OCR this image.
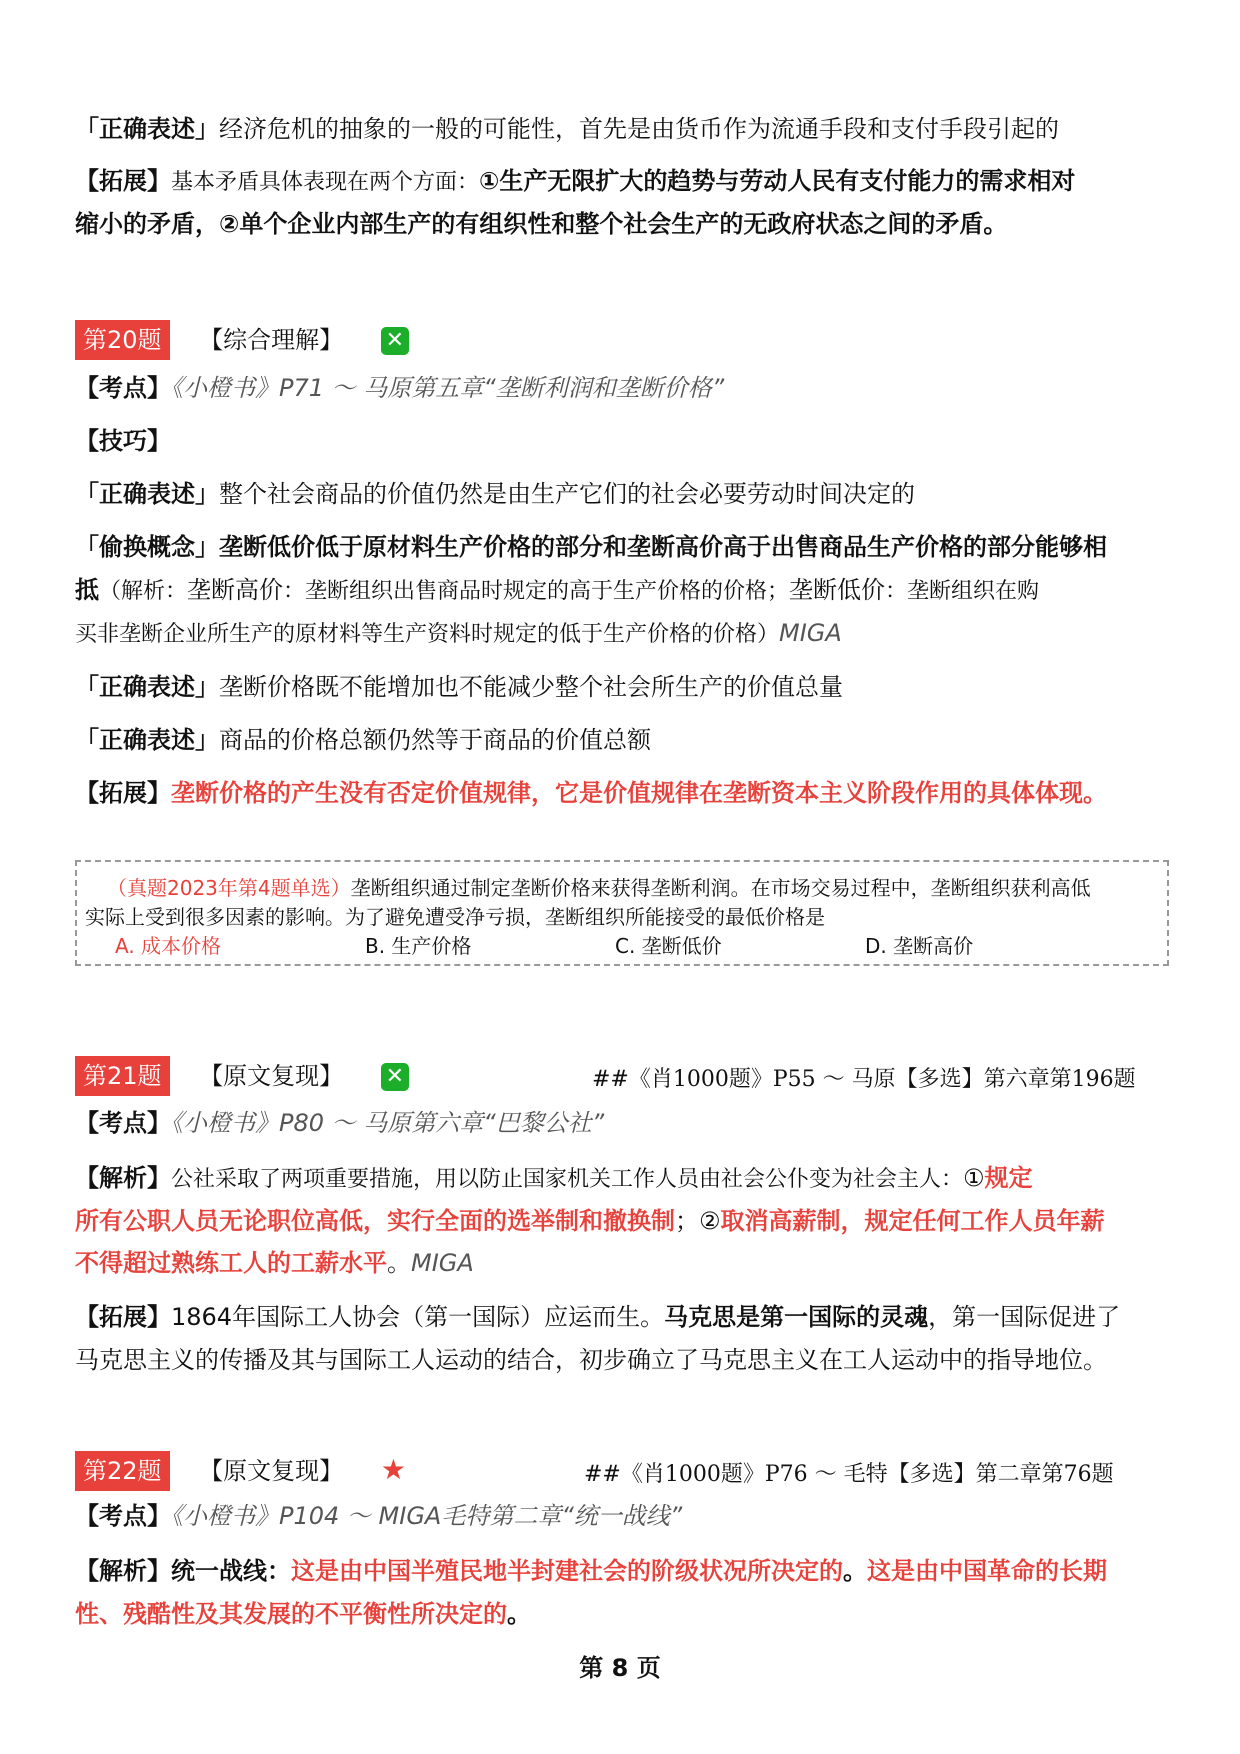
「正确表述」经济危机的抽象的一般的可能性，首先是由货币作为流通手段和支付手段引起的
【拓展】基本矛盾具体表现在两个方面：①生产无限扩大的趋势与劳动人民有支付能力的需求相对
缩小的矛盾，②单个企业内部生产的有组织性和整个社会生产的无政府状态之间的矛盾。
第20题 【综合理解】 ✕
【考点】《小橙书》P71 ～ 马原第五章“垄断利润和垄断价格”
【技巧】
「正确表述」整个社会商品的价值仍然是由生产它们的社会必要劳动时间决定的
「偷换概念」垄断低价低于原材料生产价格的部分和垄断高价高于出售商品生产价格的部分能够相
抵（解析：垄断高价：垄断组织出售商品时规定的高于生产价格的价格；垄断低价：垄断组织在购
买非垄断企业所生产的原材料等生产资料时规定的低于生产价格的价格）MIGA
「正确表述」垄断价格既不能增加也不能减少整个社会所生产的价值总量
「正确表述」商品的价格总额仍然等于商品的价值总额
【拓展】垄断价格的产生没有否定价值规律，它是价值规律在垄断资本主义阶段作用的具体体现。
（真题2023年第4题单选）垄断组织通过制定垄断价格来获得垄断利润。在市场交易过程中，垄断组织获利高低
实际上受到很多因素的影响。为了避免遭受净亏损，垄断组织所能接受的最低价格是
A. 成本价格	B. 生产价格	C. 垄断低价	D. 垄断高价
第21题 【原文复现】 ✕	##《肖1000题》P55 ～ 马原【多选】第六章第196题
【考点】《小橙书》P80 ～ 马原第六章“巴黎公社”
【解析】公社采取了两项重要措施，用以防止国家机关工作人员由社会公仆变为社会主人：①规定
所有公职人员无论职位高低，实行全面的选举制和撤换制；②取消高薪制，规定任何工作人员年薪
不得超过熟练工人的工薪水平。MIGA
【拓展】1864年国际工人协会（第一国际）应运而生。马克思是第一国际的灵魂，第一国际促进了
马克思主义的传播及其与国际工人运动的结合，初步确立了马克思主义在工人运动中的指导地位。
第22题 【原文复现】 ★	##《肖1000题》P76 ～ 毛特【多选】第二章第76题
【考点】《小橙书》P104 ～ MIGA毛特第二章“统一战线”
【解析】统一战线：这是由中国半殖民地半封建社会的阶级状况所决定的。这是由中国革命的长期
性、残酷性及其发展的不平衡性所决定的。
第 8 页
